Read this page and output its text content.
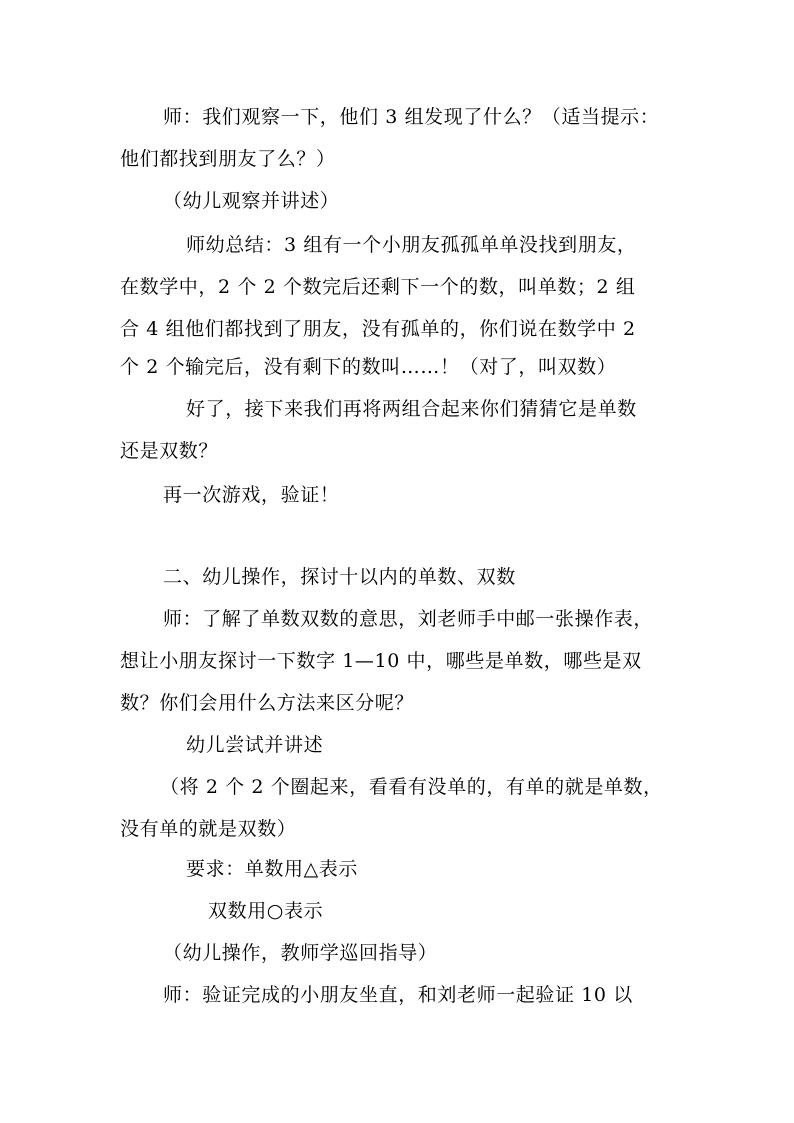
师：我们观察一下，他们 3 组发现了什么？（适当提示：
他们都找到朋友了么？）
（幼儿观察并讲述）
师幼总结：3 组有一个小朋友孤孤单单没找到朋友，
在数学中，2 个 2 个数完后还剩下一个的数，叫单数；2 组
合 4 组他们都找到了朋友，没有孤单的，你们说在数学中 2
个 2 个输完后，没有剩下的数叫……！（对了，叫双数）
好了，接下来我们再将两组合起来你们猜猜它是单数
还是双数？
再一次游戏，验证！
二、幼儿操作，探讨十以内的单数、双数
师：了解了单数双数的意思，刘老师手中邮一张操作表，
想让小朋友探讨一下数字 1—10 中，哪些是单数，哪些是双
数？你们会用什么方法来区分呢？
幼儿尝试并讲述
（将 2 个 2 个圈起来，看看有没单的，有单的就是单数，
没有单的就是双数）
要求：单数用△表示
双数用○表示
（幼儿操作，教师学巡回指导）
师：验证完成的小朋友坐直，和刘老师一起验证 10 以
